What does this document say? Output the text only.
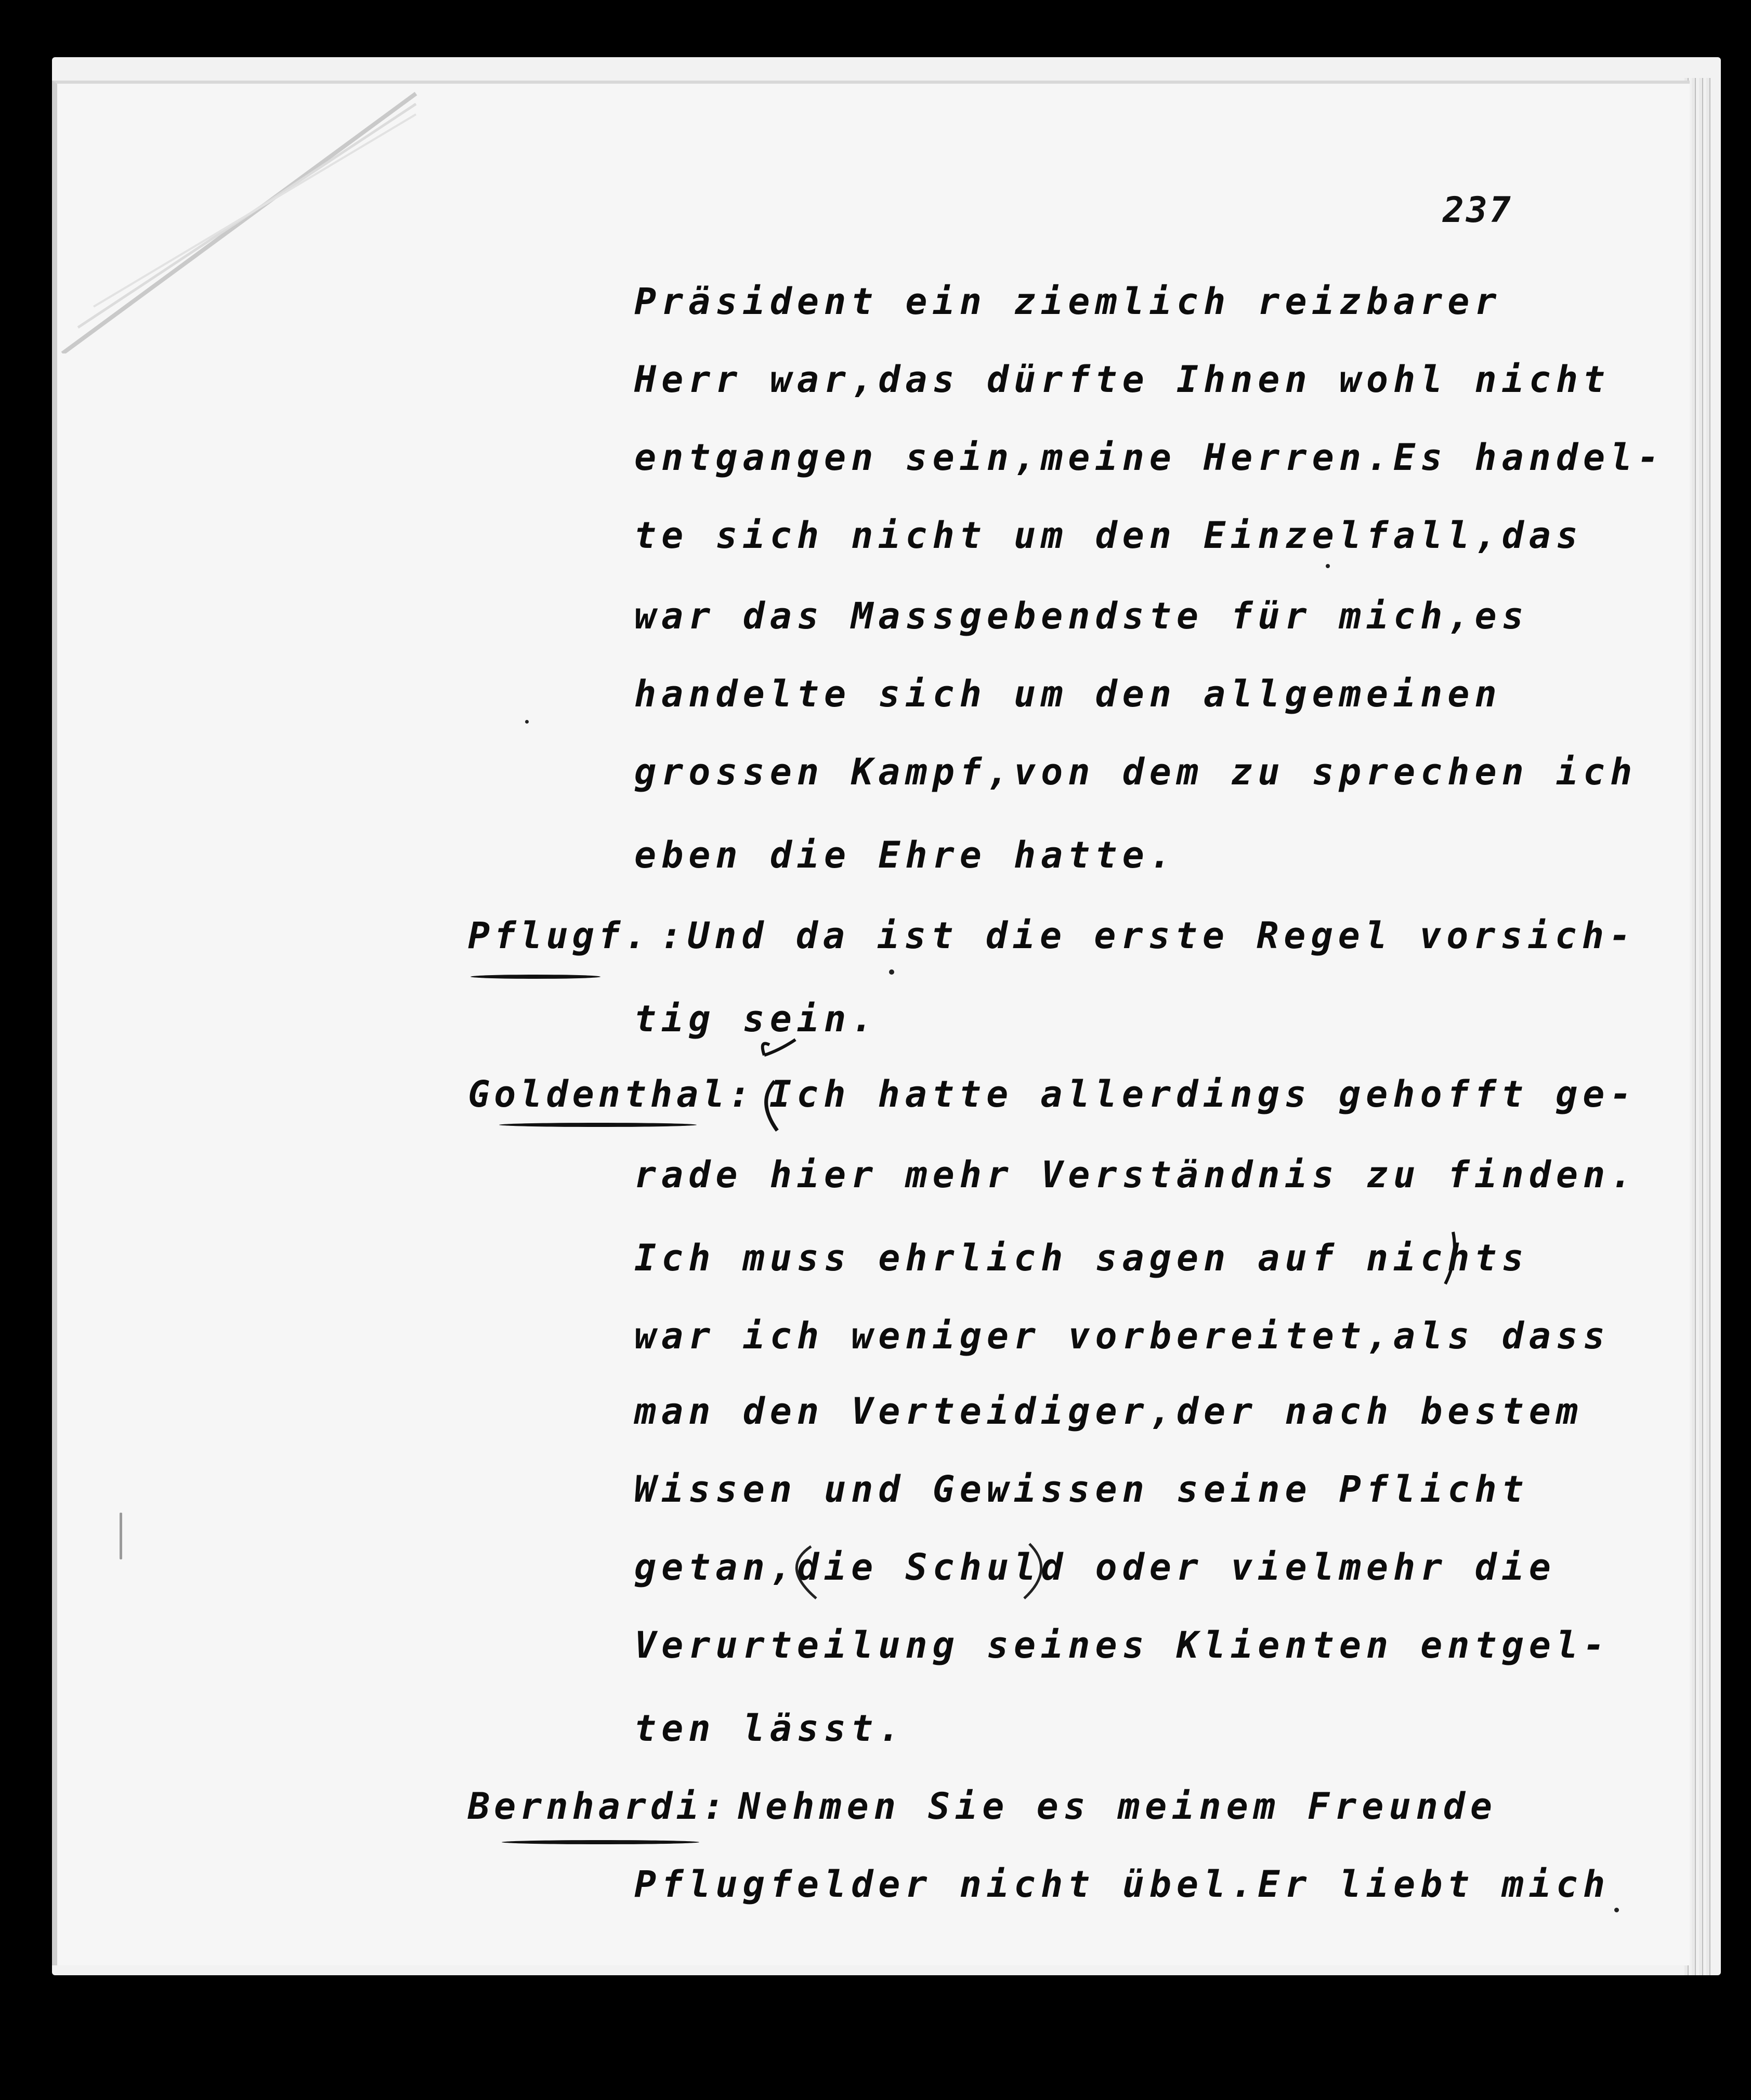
237
Präsident ein ziemlich reizbarer
Herr war,das dürfte Ihnen wohl nicht
entgangen sein,meine Herren.Es handel-
te sich nicht um den Einzelfall,das
war das Massgebendste für mich,es
handelte sich um den allgemeinen
grossen Kampf,von dem zu sprechen ich
eben die Ehre hatte.
Pflugf. :Und da ist die erste Regel vorsich-
tig sein.
Goldenthal: Ich hatte allerdings gehofft ge-
rade hier mehr Verständnis zu finden.
Ich muss ehrlich sagen auf nichts
war ich weniger vorbereitet,als dass
man den Verteidiger,der nach bestem
Wissen und Gewissen seine Pflicht
getan,die Schuld oder vielmehr die
Verurteilung seines Klienten entgel-
ten lässt.
Bernhardi: Nehmen Sie es meinem Freunde
Pflugfelder nicht übel.Er liebt mich
